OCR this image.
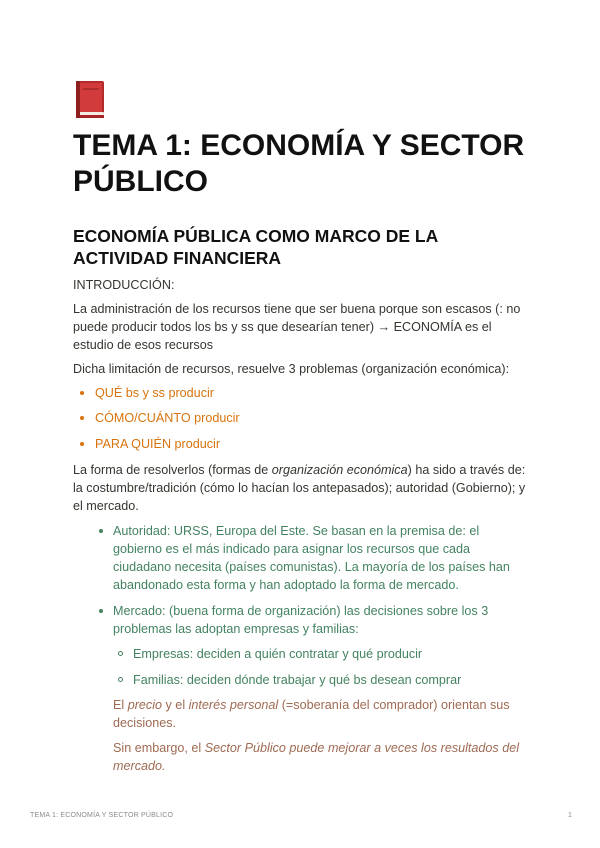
TEMA 1: ECONOMÍA Y SECTOR PÚBLICO
ECONOMÍA PÚBLICA COMO MARCO DE LA ACTIVIDAD FINANCIERA

INTRODUCCIÓN:

La administración de los recursos tiene que ser buena porque son escasos (: no puede producir todos los bs y ss que desearían tener) → ECONOMÍA es el estudio de esos recursos

Dicha limitación de recursos, resuelve 3 problemas (organización económica):

QUÉ bs y ss producir
CÓMO/CUÁNTO producir
PARA QUIÉN producir

La forma de resolverlos (formas de organización económica) ha sido a través de: la costumbre/tradición (cómo lo hacían los antepasados); autoridad (Gobierno); y el mercado.

Autoridad: URSS, Europa del Este. Se basan en la premisa de: el gobierno es el más indicado para asignar los recursos que cada ciudadano necesita (países comunistas). La mayoría de los países han abandonado esta forma y han adoptado la forma de mercado.

Mercado: (buena forma de organización) las decisiones sobre los 3 problemas las adoptan empresas y familias:

Empresas: deciden a quién contratar y qué producir

Familias: deciden dónde trabajar y qué bs desean comprar

El precio y el interés personal (=soberanía del comprador) orientan sus decisiones.

Sin embargo, el Sector Público puede mejorar a veces los resultados del mercado.

TEMA 1: ECONOMÍA Y SECTOR PÚBLICO	1
